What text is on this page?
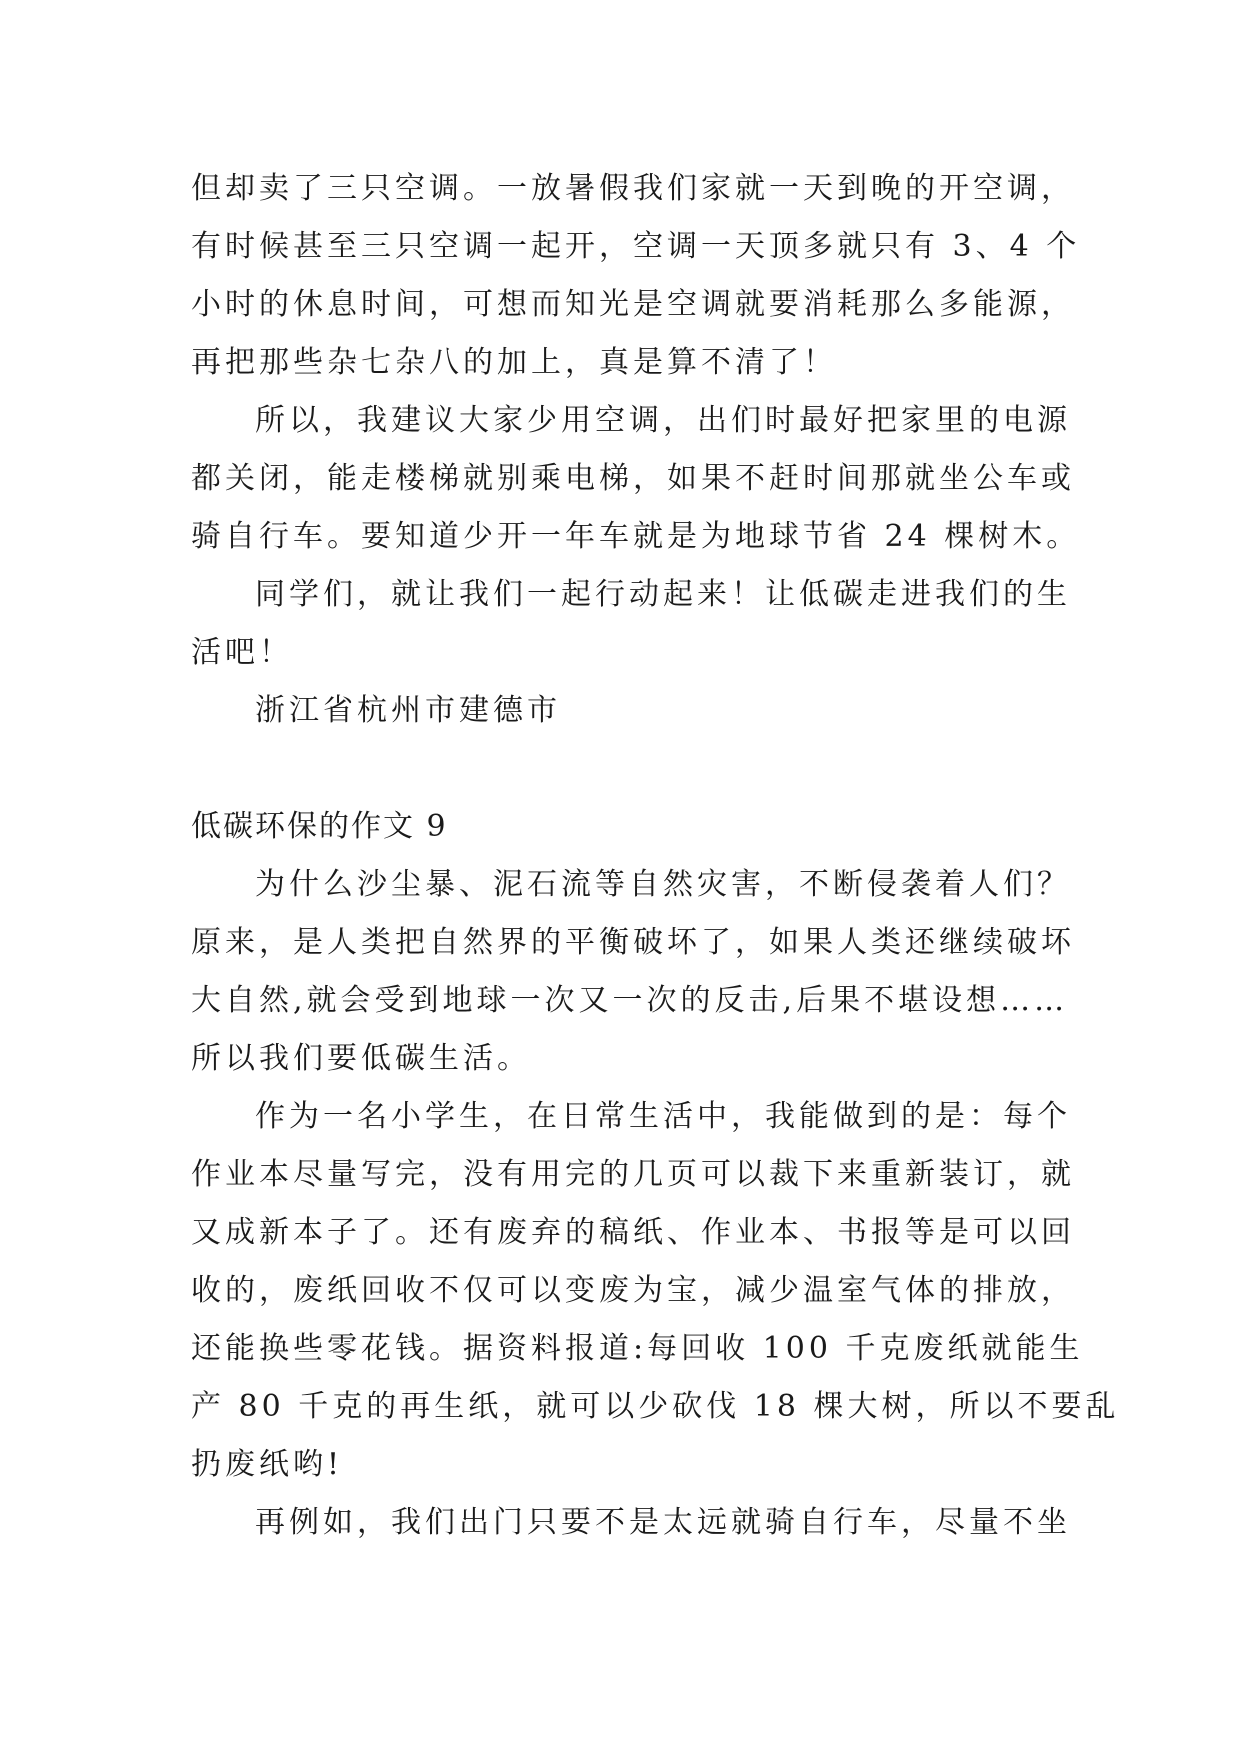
但却卖了三只空调。一放暑假我们家就一天到晚的开空调，
有时候甚至三只空调一起开，空调一天顶多就只有 3、4 个
小时的休息时间，可想而知光是空调就要消耗那么多能源，
再把那些杂七杂八的加上，真是算不清了！
所以，我建议大家少用空调，出们时最好把家里的电源
都关闭，能走楼梯就别乘电梯，如果不赶时间那就坐公车或
骑自行车。要知道少开一年车就是为地球节省 24 棵树木。
同学们，就让我们一起行动起来！让低碳走进我们的生
活吧！
浙江省杭州市建德市
低碳环保的作文 9
为什么沙尘暴、泥石流等自然灾害，不断侵袭着人们？
原来，是人类把自然界的平衡破坏了，如果人类还继续破坏
大自然,就会受到地球一次又一次的反击,后果不堪设想……
所以我们要低碳生活。
作为一名小学生，在日常生活中，我能做到的是：每个
作业本尽量写完，没有用完的几页可以裁下来重新装订，就
又成新本子了。还有废弃的稿纸、作业本、书报等是可以回
收的，废纸回收不仅可以变废为宝，减少温室气体的排放，
还能换些零花钱。据资料报道:每回收 100 千克废纸就能生
产 80 千克的再生纸，就可以少砍伐 18 棵大树，所以不要乱
扔废纸哟!
再例如，我们出门只要不是太远就骑自行车，尽量不坐
